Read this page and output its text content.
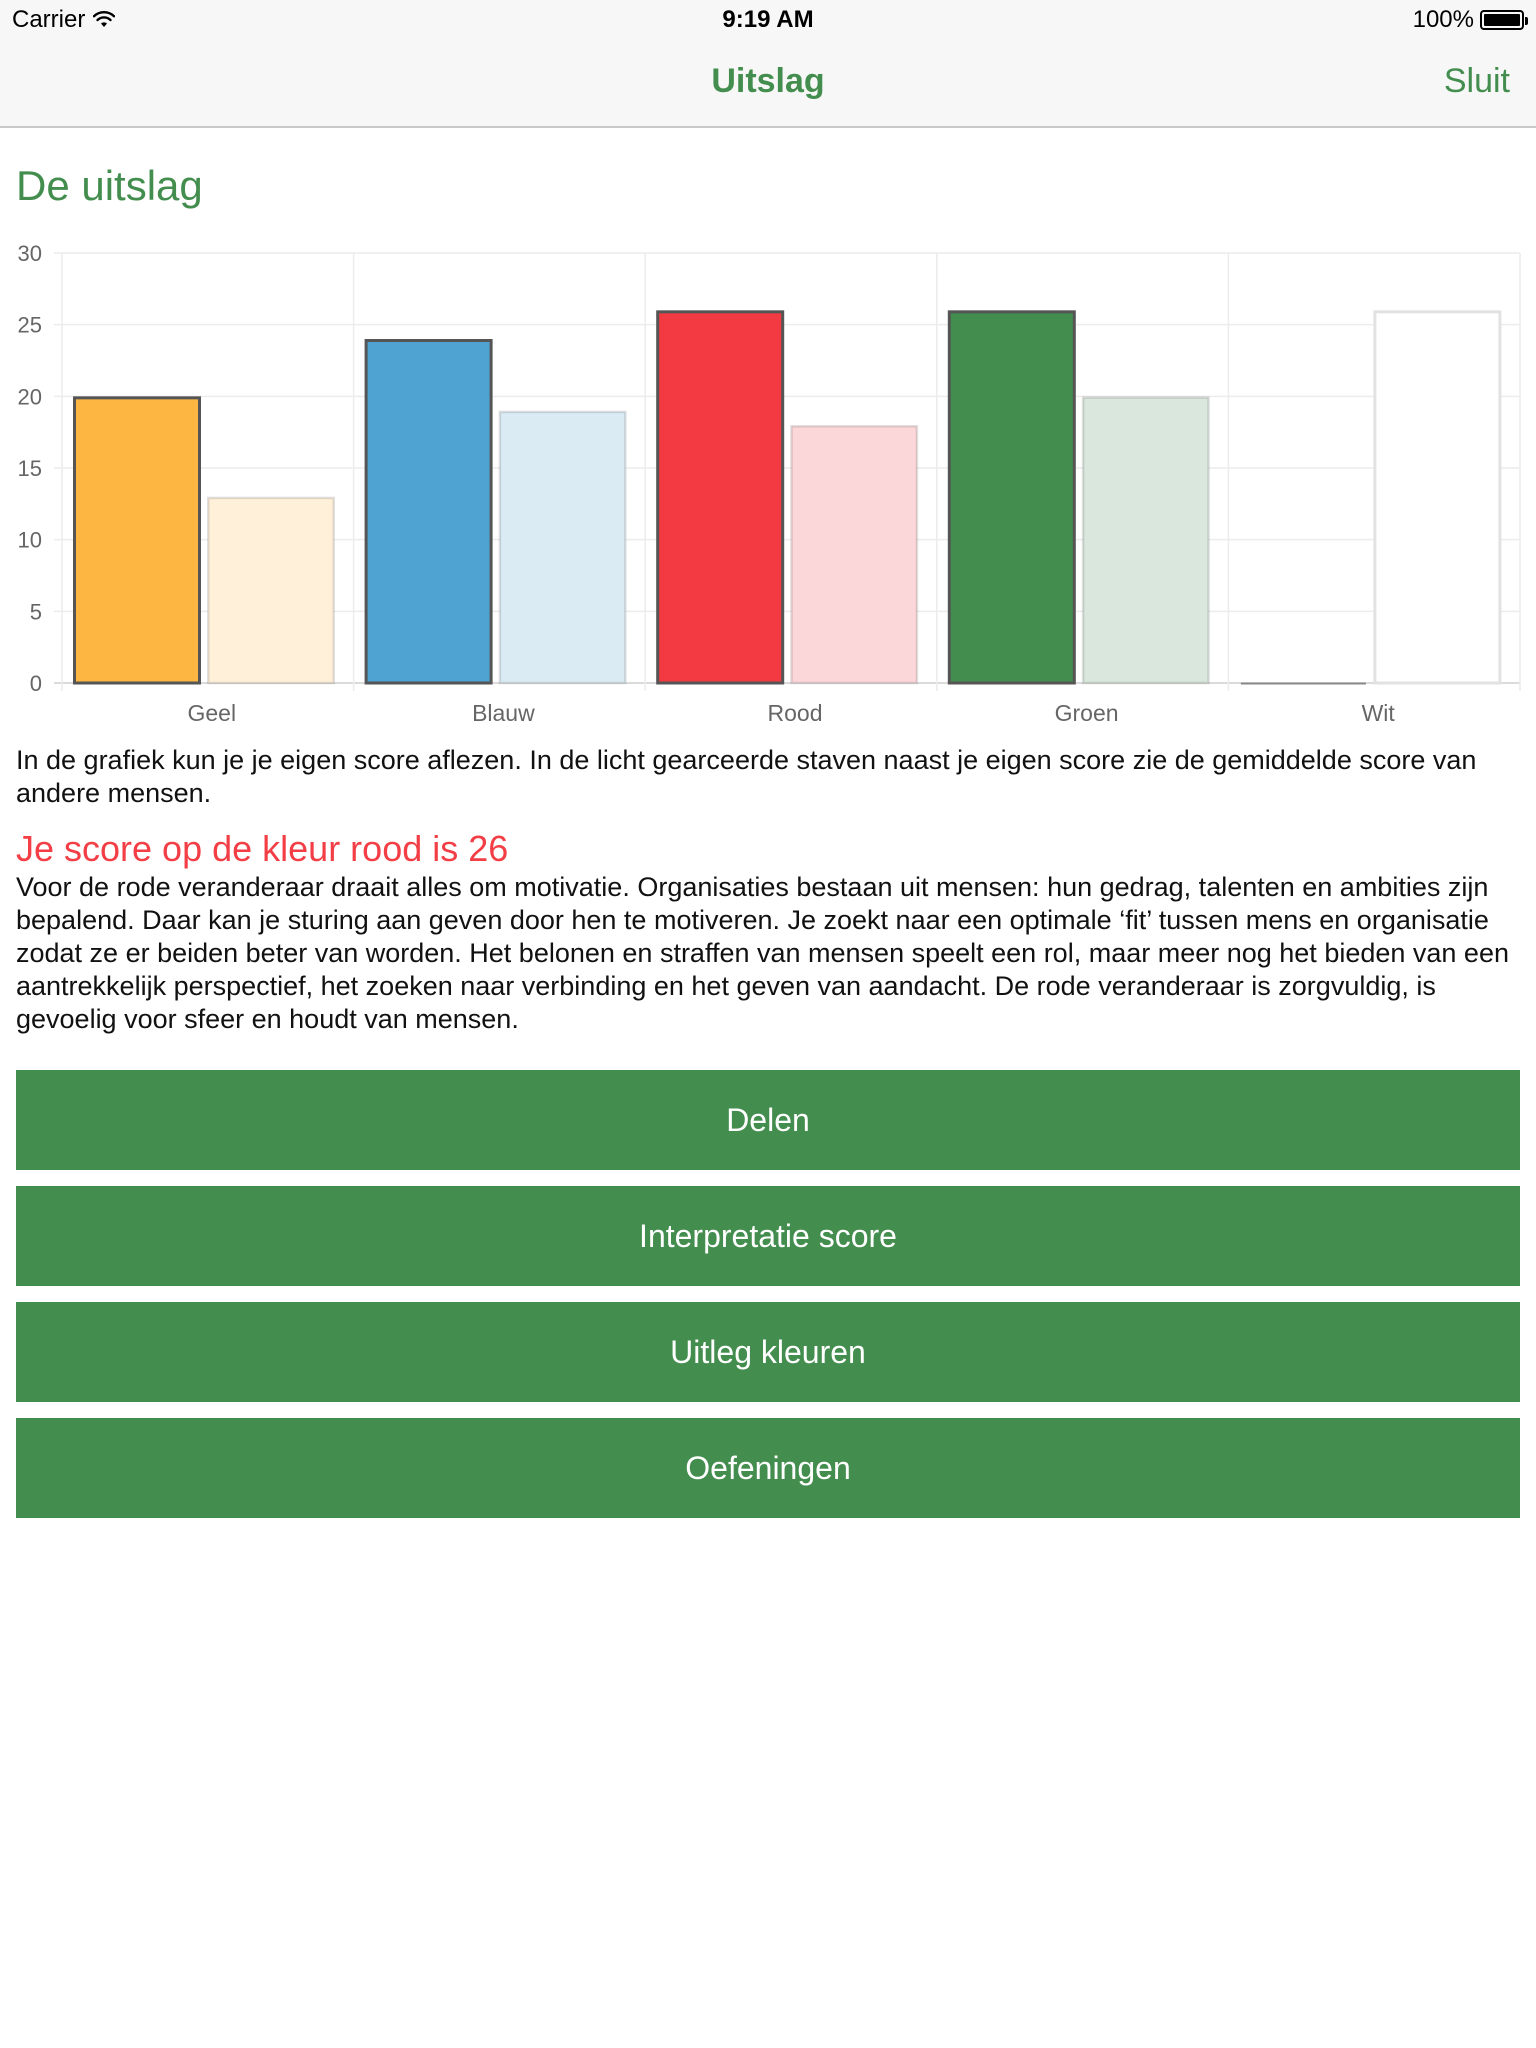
Carrier	9:19 AM	100%
Uitslag	Sluit
De uitslag
0
5
10
15
20
25
30
Geel	Blauw	Rood	Groen	Wit

In de grafiek kun je je eigen score aflezen. In de licht gearceerde staven naast je eigen score zie de gemiddelde score van andere mensen.

Je score op de kleur rood is 26

Voor de rode veranderaar draait alles om motivatie. Organisaties bestaan uit mensen: hun gedrag, talenten en ambities zijn bepalend. Daar kan je sturing aan geven door hen te motiveren. Je zoekt naar een optimale ‘fit’ tussen mens en organisatie zodat ze er beiden beter van worden. Het belonen en straffen van mensen speelt een rol, maar meer nog het bieden van een aantrekkelijk perspectief, het zoeken naar verbinding en het geven van aandacht. De rode veranderaar is zorgvuldig, is gevoelig voor sfeer en houdt van mensen.

Delen
Interpretatie score
Uitleg kleuren
Oefeningen
